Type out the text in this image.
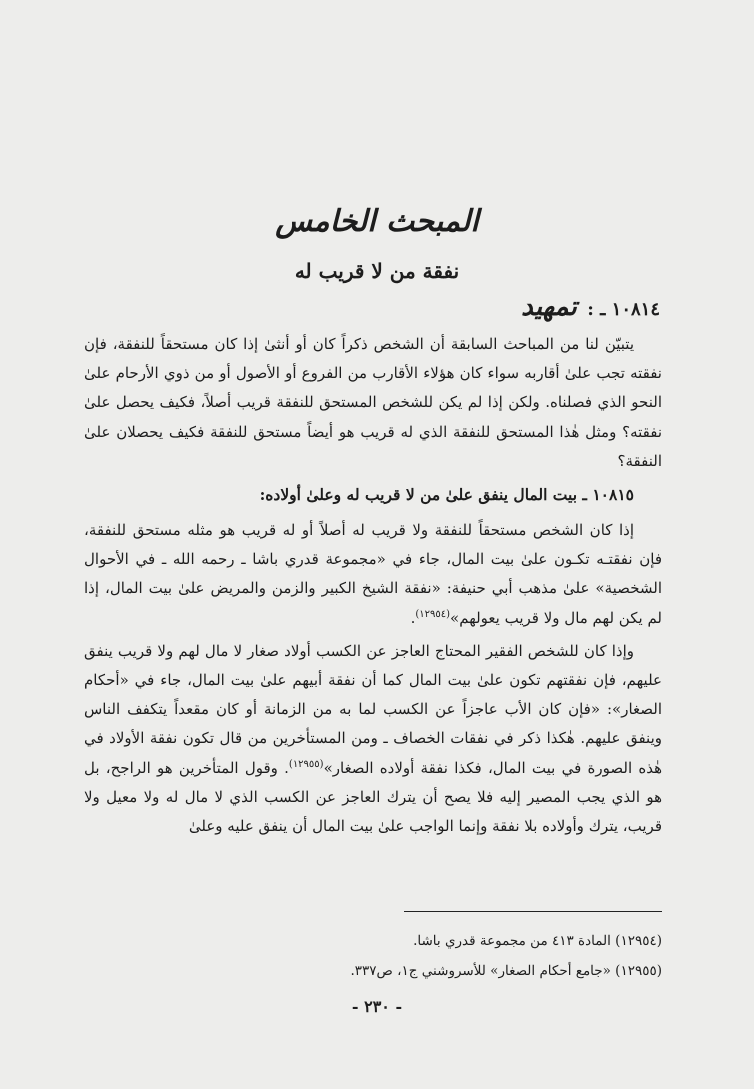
المبحث الخامس
نفقة من لا قريب له
١٠٨١٤ ـ : تمهيد

يتبيّن لنا من المباحث السابقة أن الشخص ذكراً كان أو أنثىٰ إذا كان مستحقاً للنفقة، فإن نفقته تجب علىٰ أقاربه سواء كان هؤلاء الأقارب من الفروع أو الأصول أو من ذوي الأرحام علىٰ النحو الذي فصلناه. ولكن إذا لم يكن للشخص المستحق للنفقة قريب أصلاً، فكيف يحصل علىٰ نفقته؟ ومثل هٰذا المستحق للنفقة الذي له قريب هو أيضاً مستحق للنفقة فكيف يحصلان علىٰ النفقة؟

١٠٨١٥ ـ بيت المال ينفق علىٰ من لا قريب له وعلىٰ أولاده:

إذا كان الشخص مستحقاً للنفقة ولا قريب له أصلاً أو له قريب هو مثله مستحق للنفقة، فإن نفقتـه تكـون علىٰ بيت المال، جاء في «مجموعة قدري باشا ـ رحمه الله ـ في الأحوال الشخصية» علىٰ مذهب أبي حنيفة: «نفقة الشيخ الكبير والزمن والمريض علىٰ بيت المال، إذا لم يكن لهم مال ولا قريب يعولهم»$^{(١٢٩٥٤)}$.

وإذا كان للشخص الفقير المحتاج العاجز عن الكسب أولاد صغار لا مال لهم ولا قريب ينفق عليهم، فإن نفقتهم تكون علىٰ بيت المال كما أن نفقة أبيهم علىٰ بيت المال، جاء في «أحكام الصغار»: «فإن كان الأب عاجزاً عن الكسب لما به من الزمانة أو كان مقعداً يتكفف الناس وينفق عليهم. هٰكذا ذكر في نفقات الخصاف ـ ومن المستأخرين من قال تكون نفقة الأولاد في هٰذه الصورة في بيت المال، فكذا نفقة أولاده الصغار»$^{(١٢٩٥٥)}$. وقول المتأخرين هو الراجح، بل هو الذي يجب المصير إليه فلا يصح أن يترك العاجز عن الكسب الذي لا مال له ولا معيل ولا قريب، يترك وأولاده بلا نفقة وإنما الواجب علىٰ بيت المال أن ينفق عليه وعلىٰ

(١٢٩٥٤) المادة ٤١٣ من مجموعة قدري باشا.
(١٢٩٥٥) «جامع أحكام الصغار» للأسروشني ج١، ص٣٣٧.
- ٢٣٠ -
